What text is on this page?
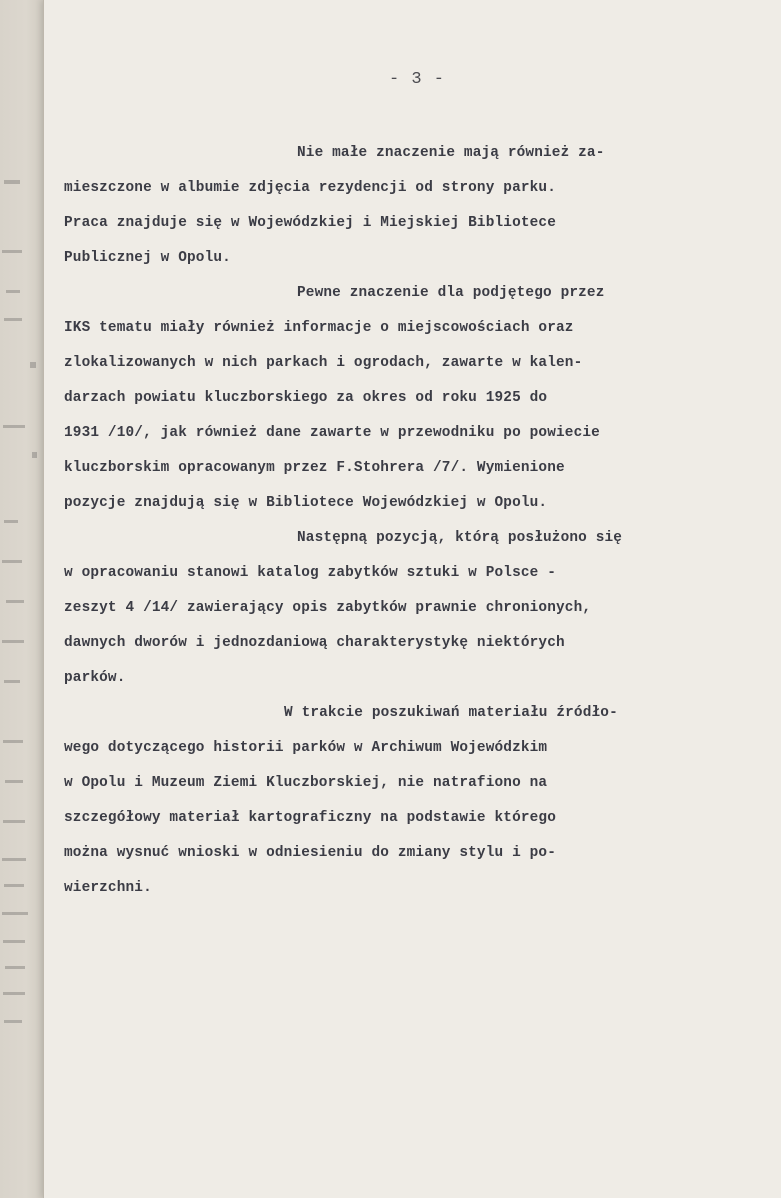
- 3 -
Nie małe znaczenie mają również za-
mieszczone w albumie zdjęcia rezydencji od strony parku.
Praca znajduje się w Wojewódzkiej i Miejskiej Bibliotece
Publicznej w Opolu.
Pewne znaczenie dla podjętego przez
IKS tematu miały również informacje o miejscowościach oraz
zlokalizowanych w nich parkach i ogrodach, zawarte w kalen-
darzach powiatu kluczborskiego za okres od roku 1925 do
1931 /10/, jak również dane zawarte w przewodniku po powiecie
kluczborskim opracowanym przez F.Stohrera /7/. Wymienione
pozycje znajdują się w Bibliotece Wojewódzkiej w Opolu.
Następną pozycją, którą posłużono się
w opracowaniu stanowi katalog zabytków sztuki w Polsce -
zeszyt 4 /14/ zawierający opis zabytków prawnie chronionych,
dawnych dworów i jednozdaniową charakterystykę niektórych
parków.
W trakcie poszukiwań materiału źródło-
wego dotyczącego historii parków w Archiwum Wojewódzkim
w Opolu i Muzeum Ziemi Kluczborskiej, nie natrafiono na
szczegółowy materiał kartograficzny na podstawie którego
można wysnuć wnioski w odniesieniu do zmiany stylu i po-
wierzchni.
